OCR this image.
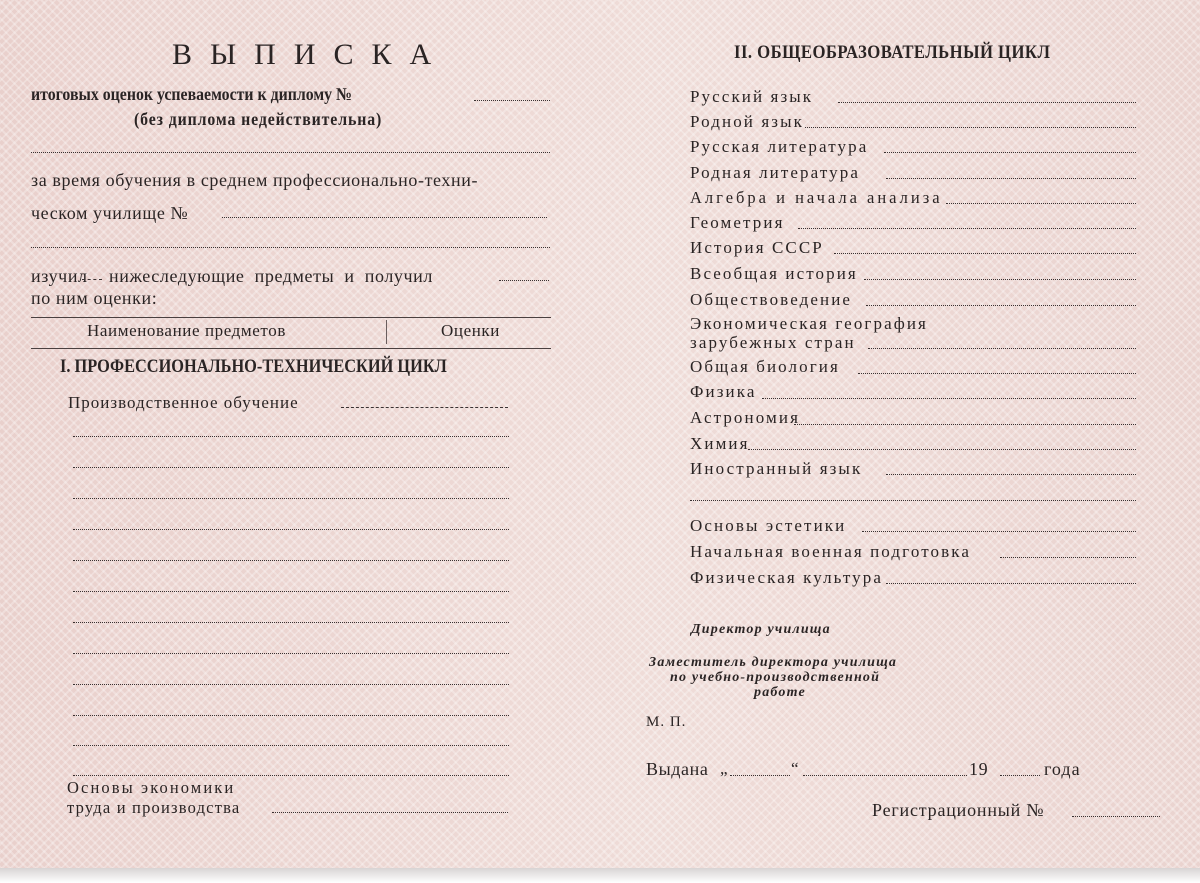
ВЫПИСКА
итоговых оценок успеваемости к диплому №
(без диплома недействительна)
за время обучения в среднем профессионально-техни-
ческом училище №
изучил нижеследующие предметы и получил
по ним оценки:
Наименование предметов	Оценки
I. ПРОФЕССИОНАЛЬНО-ТЕХНИЧЕСКИЙ ЦИКЛ
Производственное обучение
Основы экономики
труда и производства
II. ОБЩЕОБРАЗОВАТЕЛЬНЫЙ ЦИКЛ
Русский язык
Родной язык
Русская литература
Родная литература
Алгебра и начала анализа
Геометрия
История СССР
Всеобщая история
Обществоведение
Экономическая география
зарубежных стран
Общая биология
Физика
Астрономия
Химия
Иностранный язык
Основы эстетики
Начальная военная подготовка
Физическая культура
Директор училища
Заместитель директора училища
по учебно-производственной
работе
М. П.
Выдана „	“	19	года
Регистрационный №
